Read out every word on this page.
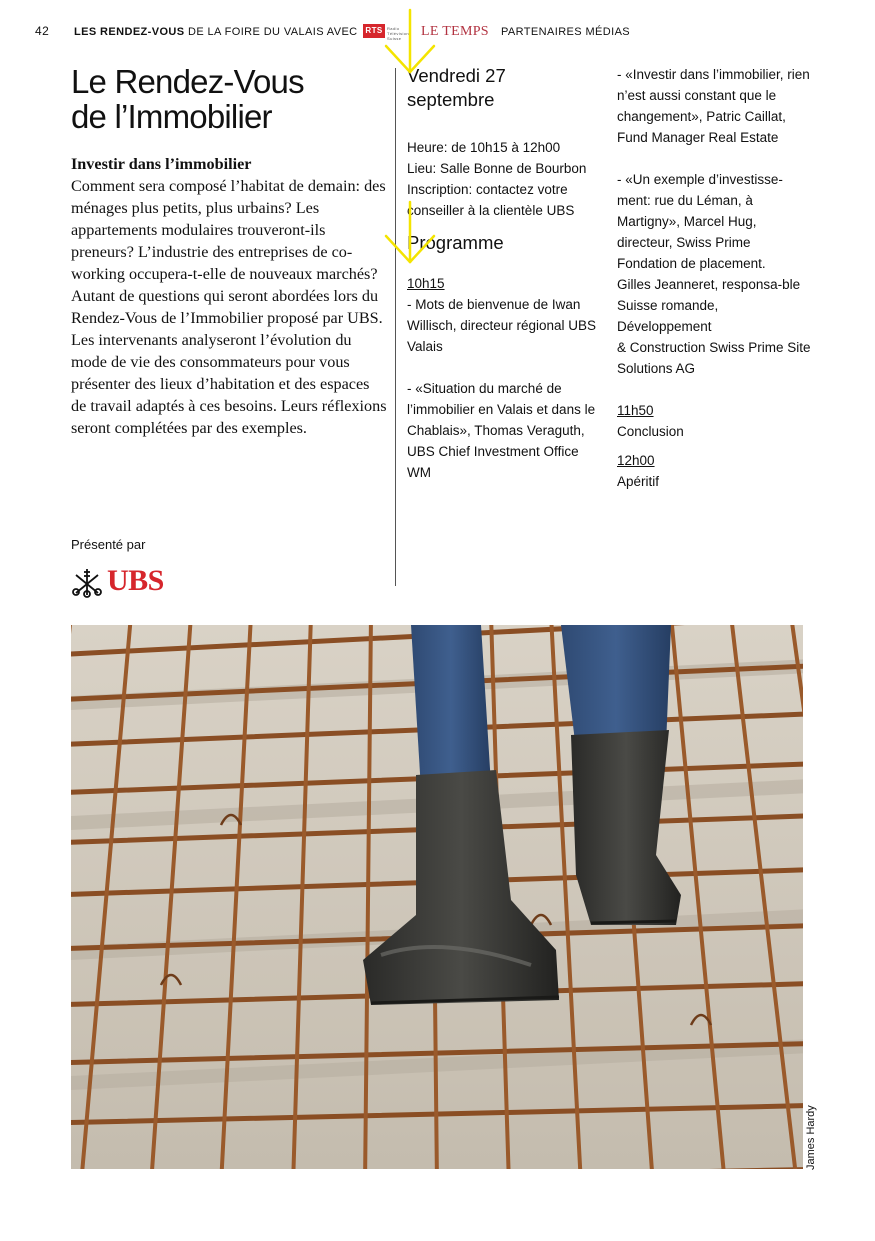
42 LES RENDEZ-VOUS DE LA FOIRE DU VALAIS AVEC RTS	Radio Télévision Suisse	LE TEMPS PARTENAIRES MÉDIAS
Le Rendez-Vous
de l’Immobilier
Investir dans l’immobilier

Comment sera composé l’habitat de demain: des ménages plus petits, plus urbains? Les appartements modulaires trouveront-ils preneurs? L’industrie des entreprises de co-working occupera-t-elle de nouveaux marchés? Autant de questions qui seront abordées lors du Rendez-Vous de l’Immobilier proposé par UBS.

Les intervenants analyseront l’évolution du mode de vie des consommateurs pour vous présenter des lieux d’habitation et des espaces de travail adaptés à ces besoins. Leurs réflexions seront complétées par des exemples.

Présenté par
UBS
Vendredi 27
septembre
Heure: de 10h15 à 12h00
Lieu: Salle Bonne de Bourbon
Inscription: contactez votre conseiller à la clientèle UBS
Programme
10h15
- Mots de bienvenue de Iwan Willisch, directeur régional UBS Valais
- «Situation du marché de l’immobilier en Valais et dans le Chablais», Thomas Veraguth, UBS Chief Investment Office WM
- «Investir dans l’immobilier, rien n’est aussi constant que le changement», Patric Caillat, Fund Manager Real Estate
- «Un exemple d’investisse-ment: rue du Léman, à Martigny», Marcel Hug, directeur, Swiss Prime Fondation de placement.
Gilles Jeanneret, responsa-ble Suisse romande, Développement
& Construction Swiss Prime Site Solutions AG
11h50
Conclusion
12h00
Apéritif
James Hardy
